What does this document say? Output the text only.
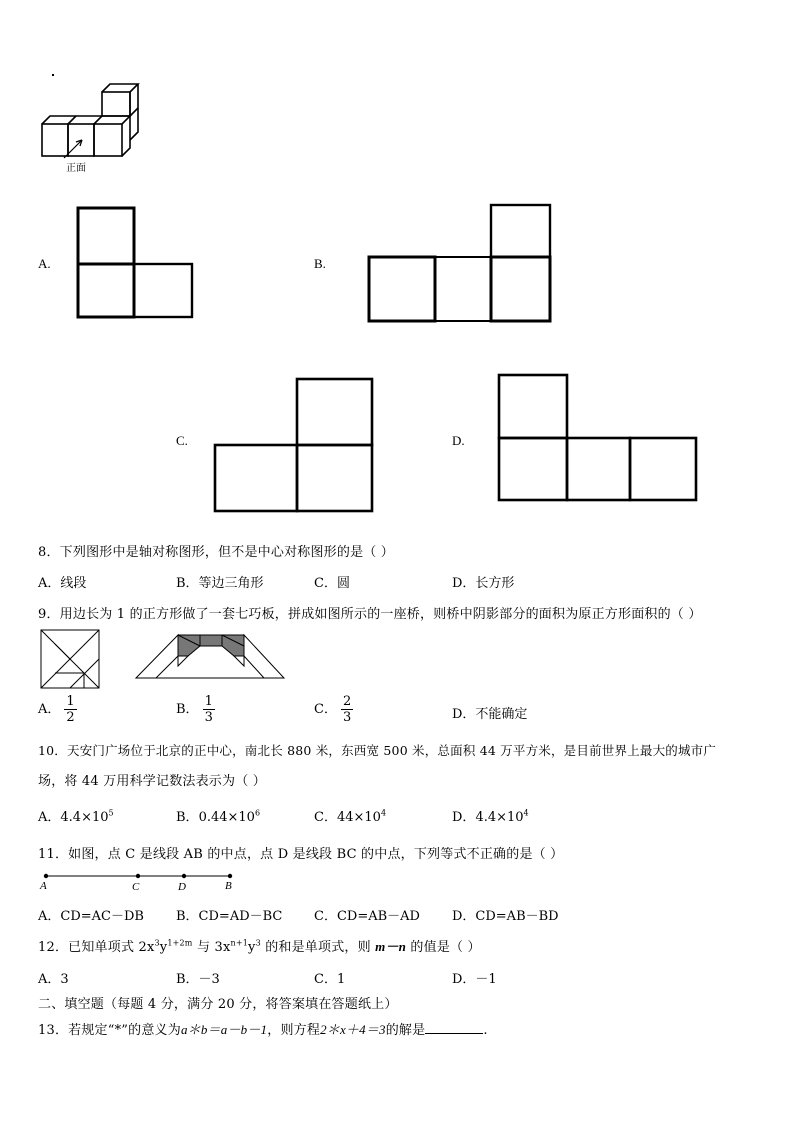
正面
A.	B.
C.	D.
8．下列图形中是轴对称图形，但不是中心对称图形的是（ ）
A．线段	B．等边三角形	C．圆	D．长方形
9．用边长为 1 的正方形做了一套七巧板，拼成如图所示的一座桥，则桥中阴影部分的面积为原正方形面积的（ ）
A． $\frac{1}{2}$	B． $\frac{1}{3}$	C． $\frac{2}{3}$	D．不能确定
10．天安门广场位于北京的正中心，南北长 880 米，东西宽 500 米，总面积 44 万平方米，是目前世界上最大的城市广
场，将 44 万用科学记数法表示为（ ）
A．$4.4\times 10^5$	B．$0.44\times 10^6$	C．$44\times 10^4$	D．$4.4\times 10^4$
11．如图，点 C 是线段 AB 的中点，点 D 是线段 BC 的中点，下列等式不正确的是（ ）
A	C	D	B
A．CD=AC－DB B．CD=AD－BC C．CD=AB－AD D．CD=AB－BD
12．已知单项式 $2x^3y^{1+2m}$ 与 $3x^{n+1}y^3$ 的和是单项式，则 m－n 的值是（ ）
A．3	B．－3	C．1	D．－1
二、填空题（每题 4 分，满分 20 分，将答案填在答题纸上）
13．若规定“*”的意义为a＊b＝a－b－1，则方程2＊x＋4＝3的解是	.
